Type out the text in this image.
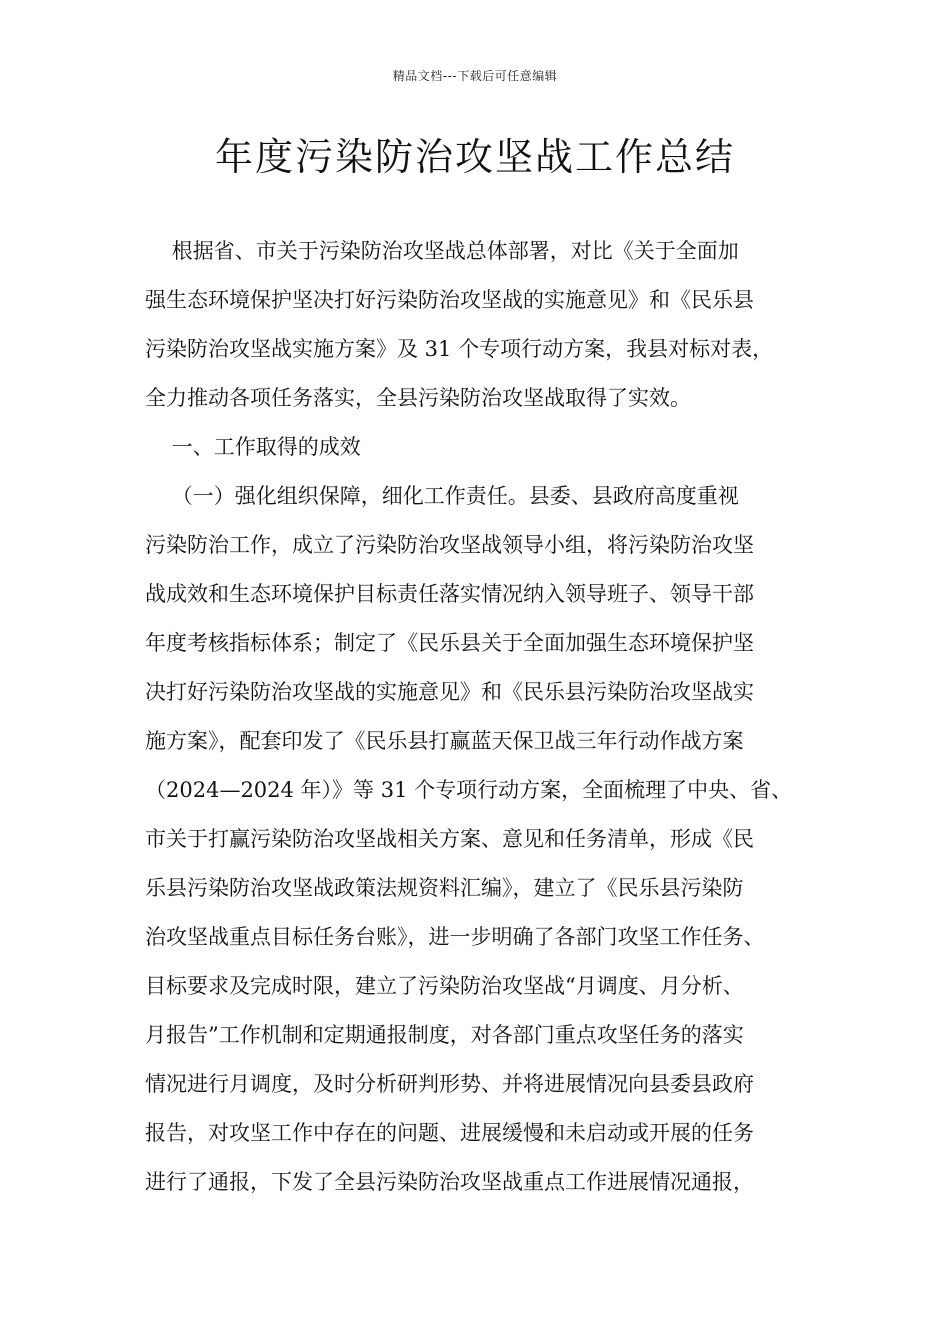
精品文档---下载后可任意编辑
年度污染防治攻坚战工作总结
根据省、市关于污染防治攻坚战总体部署，对比《关于全面加
强生态环境保护坚决打好污染防治攻坚战的实施意见》和《民乐县
污染防治攻坚战实施方案》及 31 个专项行动方案，我县对标对表，
全力推动各项任务落实，全县污染防治攻坚战取得了实效。
一、工作取得的成效
（一）强化组织保障，细化工作责任。县委、县政府高度重视
污染防治工作，成立了污染防治攻坚战领导小组，将污染防治攻坚
战成效和生态环境保护目标责任落实情况纳入领导班子、领导干部
年度考核指标体系；制定了《民乐县关于全面加强生态环境保护坚
决打好污染防治攻坚战的实施意见》和《民乐县污染防治攻坚战实
施方案》，配套印发了《民乐县打赢蓝天保卫战三年行动作战方案
（2024—2024 年）》等 31 个专项行动方案，全面梳理了中央、省、
市关于打赢污染防治攻坚战相关方案、意见和任务清单，形成《民
乐县污染防治攻坚战政策法规资料汇编》，建立了《民乐县污染防
治攻坚战重点目标任务台账》，进一步明确了各部门攻坚工作任务、
目标要求及完成时限，建立了污染防治攻坚战“月调度、月分析、
月报告”工作机制和定期通报制度，对各部门重点攻坚任务的落实
情况进行月调度，及时分析研判形势、并将进展情况向县委县政府
报告，对攻坚工作中存在的问题、进展缓慢和未启动或开展的任务
进行了通报，下发了全县污染防治攻坚战重点工作进展情况通报，
